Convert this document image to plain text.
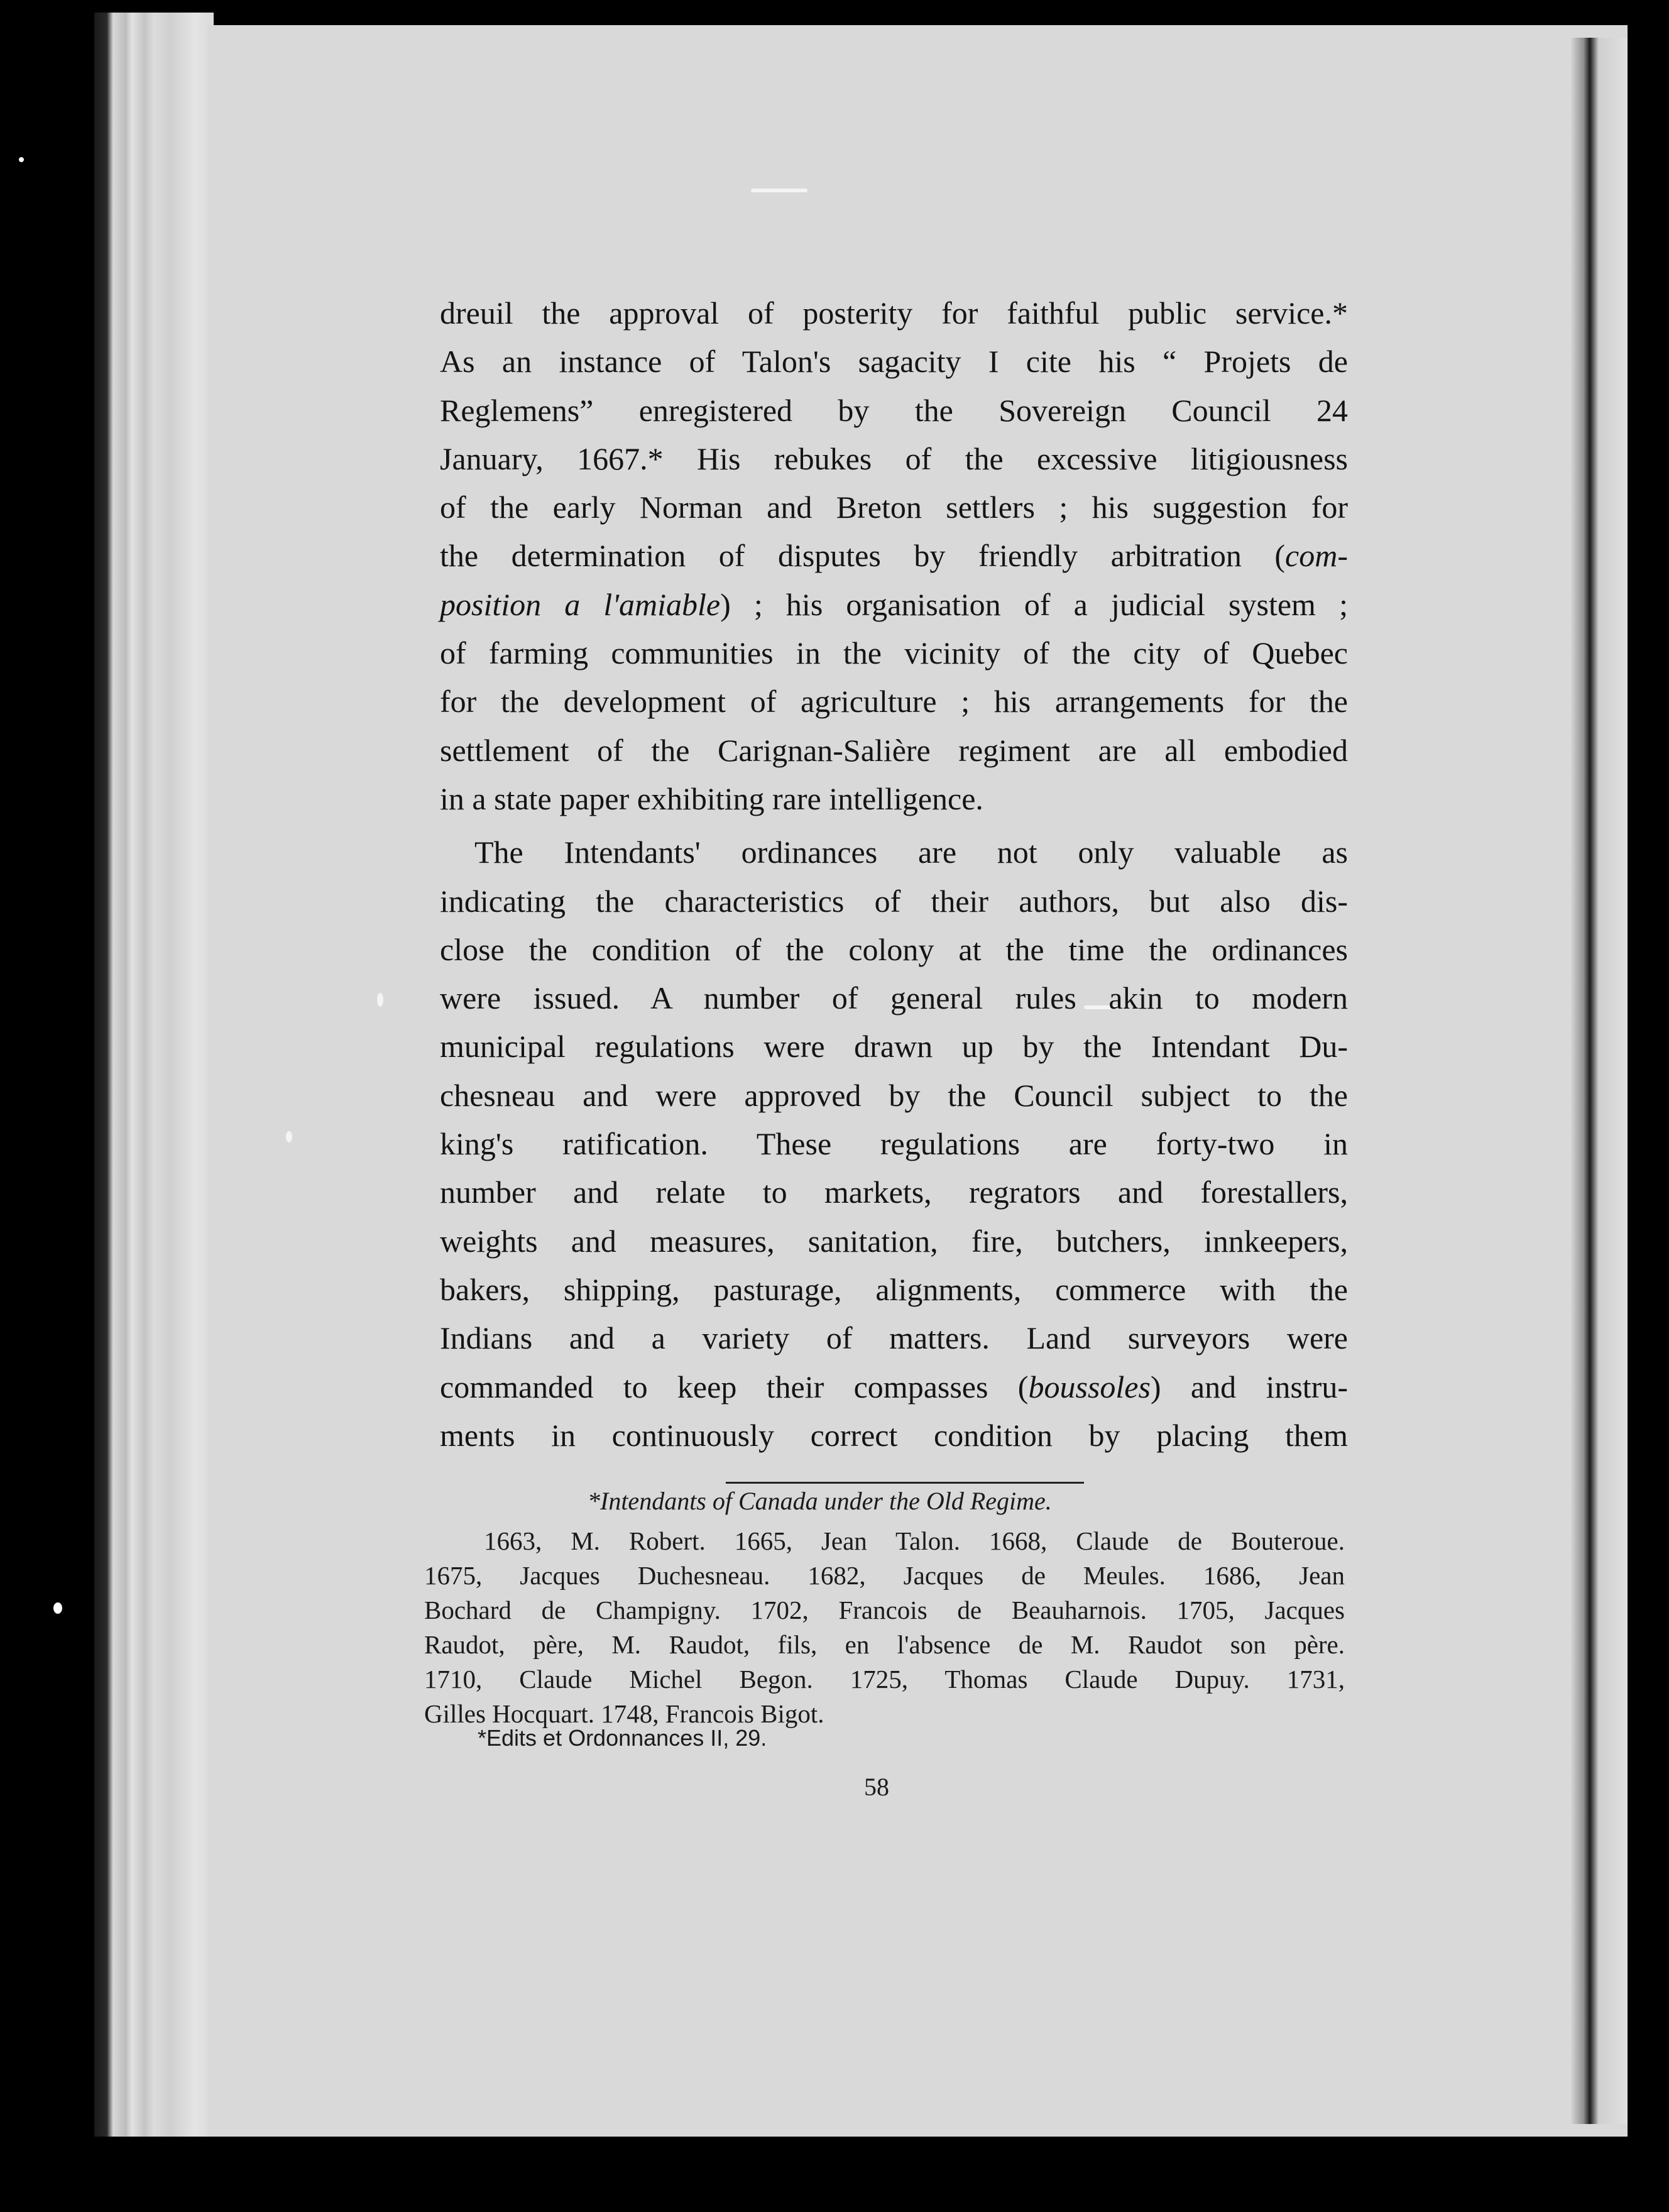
dreuil the approval of posterity for faithful public service.*
As an instance of Talon's sagacity I cite his “ Projets de
Reglemens” enregistered by the Sovereign Council 24
January, 1667.* His rebukes of the excessive litigiousness
of the early Norman and Breton settlers ; his suggestion for
the determination of disputes by friendly arbitration (com-
position a l'amiable) ; his organisation of a judicial system ;
of farming communities in the vicinity of the city of Quebec
for the development of agriculture ; his arrangements for the
settlement of the Carignan-Salière regiment are all embodied
in a state paper exhibiting rare intelligence.

The Intendants' ordinances are not only valuable as
indicating the characteristics of their authors, but also dis-
close the condition of the colony at the time the ordinances
were issued. A number of general rules akin to modern
municipal regulations were drawn up by the Intendant Du-
chesneau and were approved by the Council subject to the
king's ratification. These regulations are forty-two in
number and relate to markets, regrators and forestallers,
weights and measures, sanitation, fire, butchers, innkeepers,
bakers, shipping, pasturage, alignments, commerce with the
Indians and a variety of matters. Land surveyors were
commanded to keep their compasses (boussoles) and instru-
ments in continuously correct condition by placing them

*Intendants of Canada under the Old Regime.
1663, M. Robert. 1665, Jean Talon. 1668, Claude de Bouteroue.
1675, Jacques Duchesneau. 1682, Jacques de Meules. 1686, Jean
Bochard de Champigny. 1702, Francois de Beauharnois. 1705, Jacques
Raudot, père, M. Raudot, fils, en l'absence de M. Raudot son père.
1710, Claude Michel Begon. 1725, Thomas Claude Dupuy. 1731,
Gilles Hocquart. 1748, Francois Bigot.
*Edits et Ordonnances II, 29.
58
